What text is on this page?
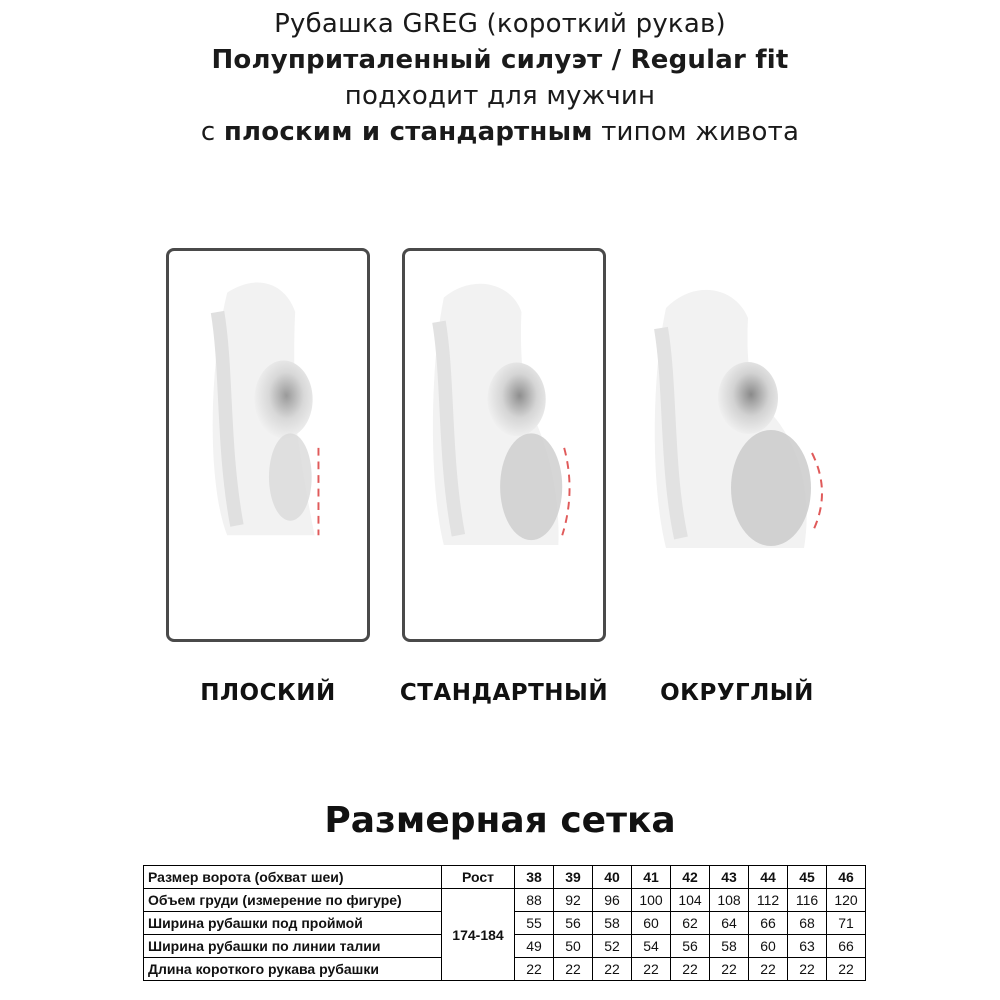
Рубашка GREG (короткий рукав)
Полуприталенный силуэт / Regular fit
подходит для мужчин
с плоским и стандартным типом живота
ПЛОСКИЙ	СТАНДАРТНЫЙ	ОКРУГЛЫЙ
Размерная сетка
Размер ворота (обхват шеи)	Рост	38	39	40	41	42	43	44	45	46
Объем груди (измерение по фигуре)	174-184	88	92	96	100	104	108	112	116	120
Ширина рубашки под проймой		55	56	58	60	62	64	66	68	71
Ширина рубашки по линии талии		49	50	52	54	56	58	60	63	66
Длина короткого рукава рубашки		22	22	22	22	22	22	22	22	22
